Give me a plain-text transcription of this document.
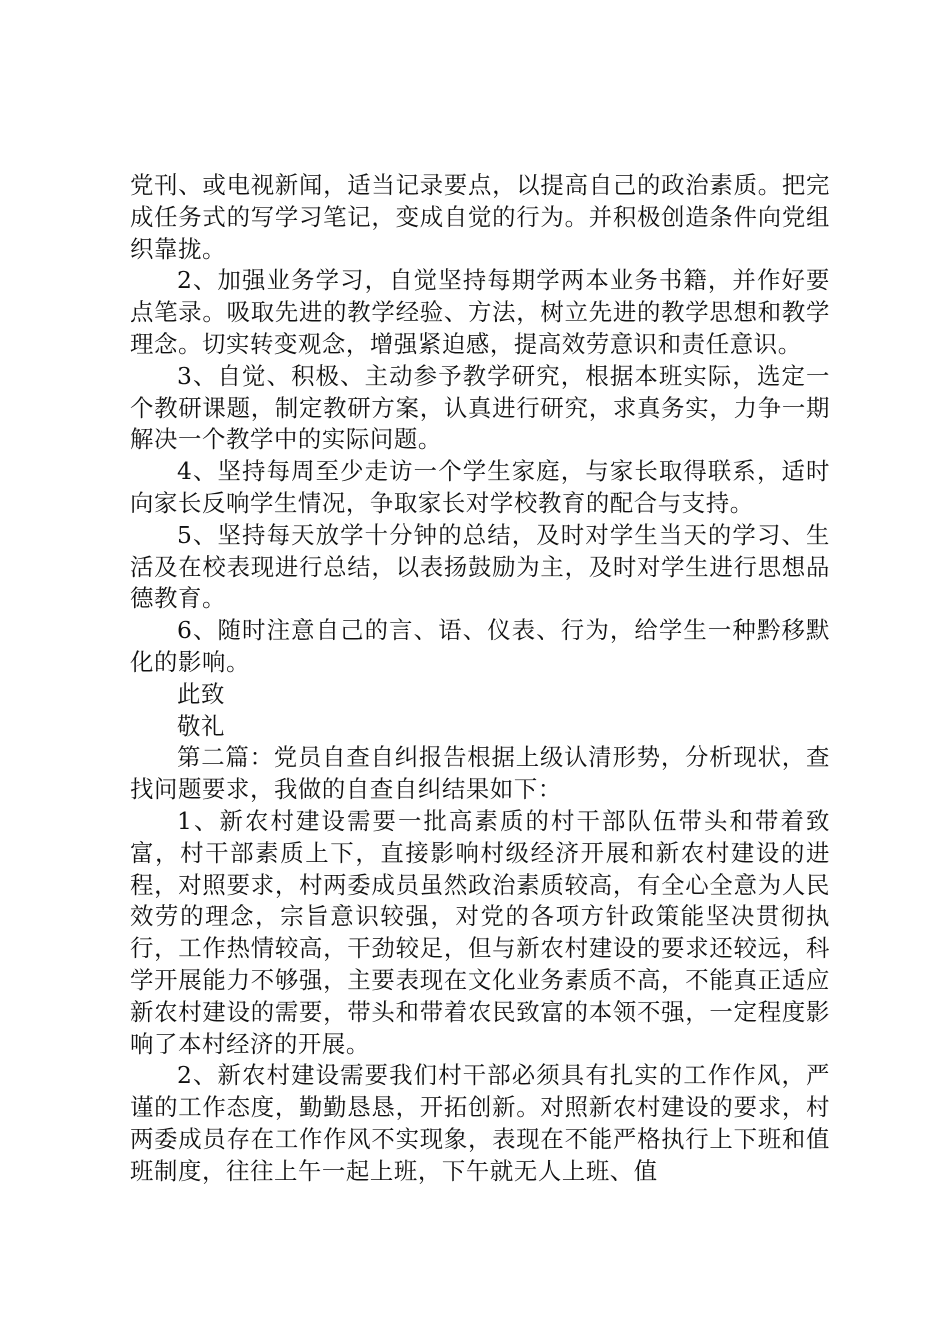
党刊、或电视新闻，适当记录要点，以提高自己的政治素质。把完成任务式的写学习笔记，变成自觉的行为。并积极创造条件向党组织靠拢。

2、加强业务学习，自觉坚持每期学两本业务书籍，并作好要点笔录。吸取先进的教学经验、方法，树立先进的教学思想和教学理念。切实转变观念，增强紧迫感，提高效劳意识和责任意识。

3、自觉、积极、主动参予教学研究，根据本班实际，选定一个教研课题，制定教研方案，认真进行研究，求真务实，力争一期解决一个教学中的实际问题。

4、坚持每周至少走访一个学生家庭，与家长取得联系，适时向家长反响学生情况，争取家长对学校教育的配合与支持。

5、坚持每天放学十分钟的总结，及时对学生当天的学习、生活及在校表现进行总结，以表扬鼓励为主，及时对学生进行思想品德教育。

6、随时注意自己的言、语、仪表、行为，给学生一种黔移默化的影响。

此致

敬礼

第二篇：党员自查自纠报告根据上级认清形势，分析现状，查找问题要求，我做的自查自纠结果如下：

1、新农村建设需要一批高素质的村干部队伍带头和带着致富，村干部素质上下，直接影响村级经济开展和新农村建设的进程，对照要求，村两委成员虽然政治素质较高，有全心全意为人民效劳的理念，宗旨意识较强，对党的各项方针政策能坚决贯彻执行，工作热情较高，干劲较足，但与新农村建设的要求还较远，科学开展能力不够强，主要表现在文化业务素质不高，不能真正适应新农村建设的需要，带头和带着农民致富的本领不强，一定程度影响了本村经济的开展。

2、新农村建设需要我们村干部必须具有扎实的工作作风，严谨的工作态度，勤勤恳恳，开拓创新。对照新农村建设的要求，村两委成员存在工作作风不实现象，表现在不能严格执行上下班和值班制度，往往上午一起上班，下午就无人上班、值
